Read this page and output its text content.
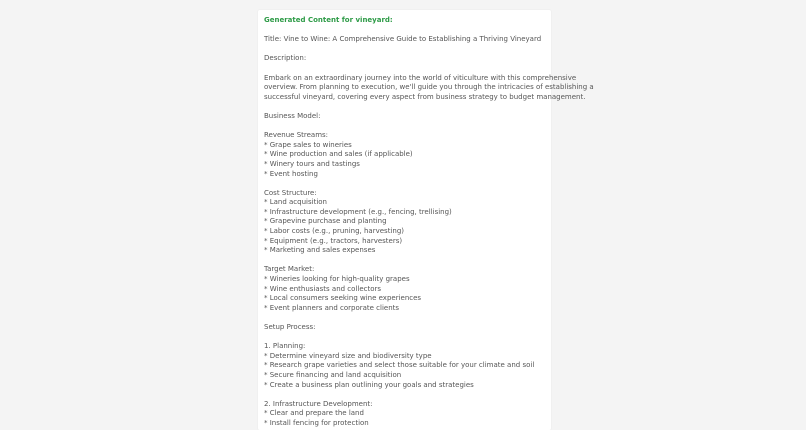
Generated Content for vineyard:
Title: Vine to Wine: A Comprehensive Guide to Establishing a Thriving Vineyard
Description:
Embark on an extraordinary journey into the world of viticulture with this comprehensive
overview. From planning to execution, we'll guide you through the intricacies of establishing a
successful vineyard, covering every aspect from business strategy to budget management.
Business Model:
Revenue Streams:
* Grape sales to wineries
* Wine production and sales (if applicable)
* Winery tours and tastings
* Event hosting
Cost Structure:
* Land acquisition
* Infrastructure development (e.g., fencing, trellising)
* Grapevine purchase and planting
* Labor costs (e.g., pruning, harvesting)
* Equipment (e.g., tractors, harvesters)
* Marketing and sales expenses
Target Market:
* Wineries looking for high-quality grapes
* Wine enthusiasts and collectors
* Local consumers seeking wine experiences
* Event planners and corporate clients
Setup Process:
1. Planning:
* Determine vineyard size and biodiversity type
* Research grape varieties and select those suitable for your climate and soil
* Secure financing and land acquisition
* Create a business plan outlining your goals and strategies
2. Infrastructure Development:
* Clear and prepare the land
* Install fencing for protection
